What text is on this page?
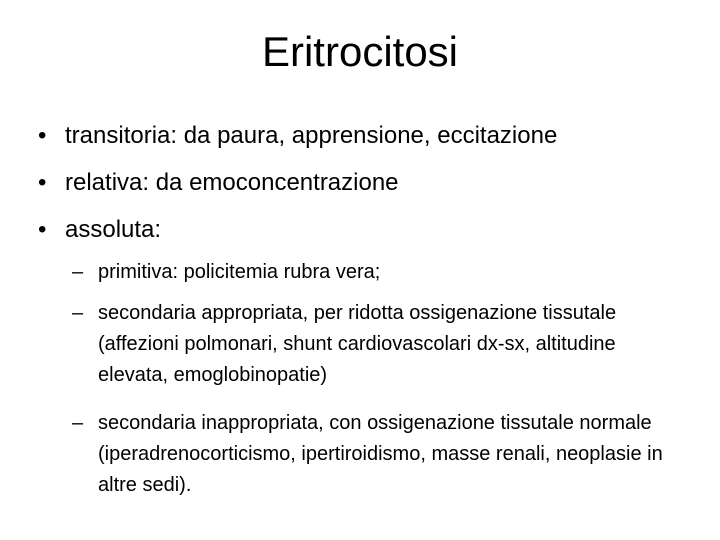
Eritrocitosi
• transitoria: da paura, apprensione, eccitazione
• relativa: da emoconcentrazione
• assoluta:
– primitiva: policitemia rubra vera;
– secondaria appropriata, per ridotta ossigenazione tissutale (affezioni polmonari, shunt cardiovascolari dx-sx, altitudine elevata, emoglobinopatie)
– secondaria inappropriata, con ossigenazione tissutale normale (iperadrenocorticismo, ipertiroidismo, masse renali, neoplasie in altre sedi).
